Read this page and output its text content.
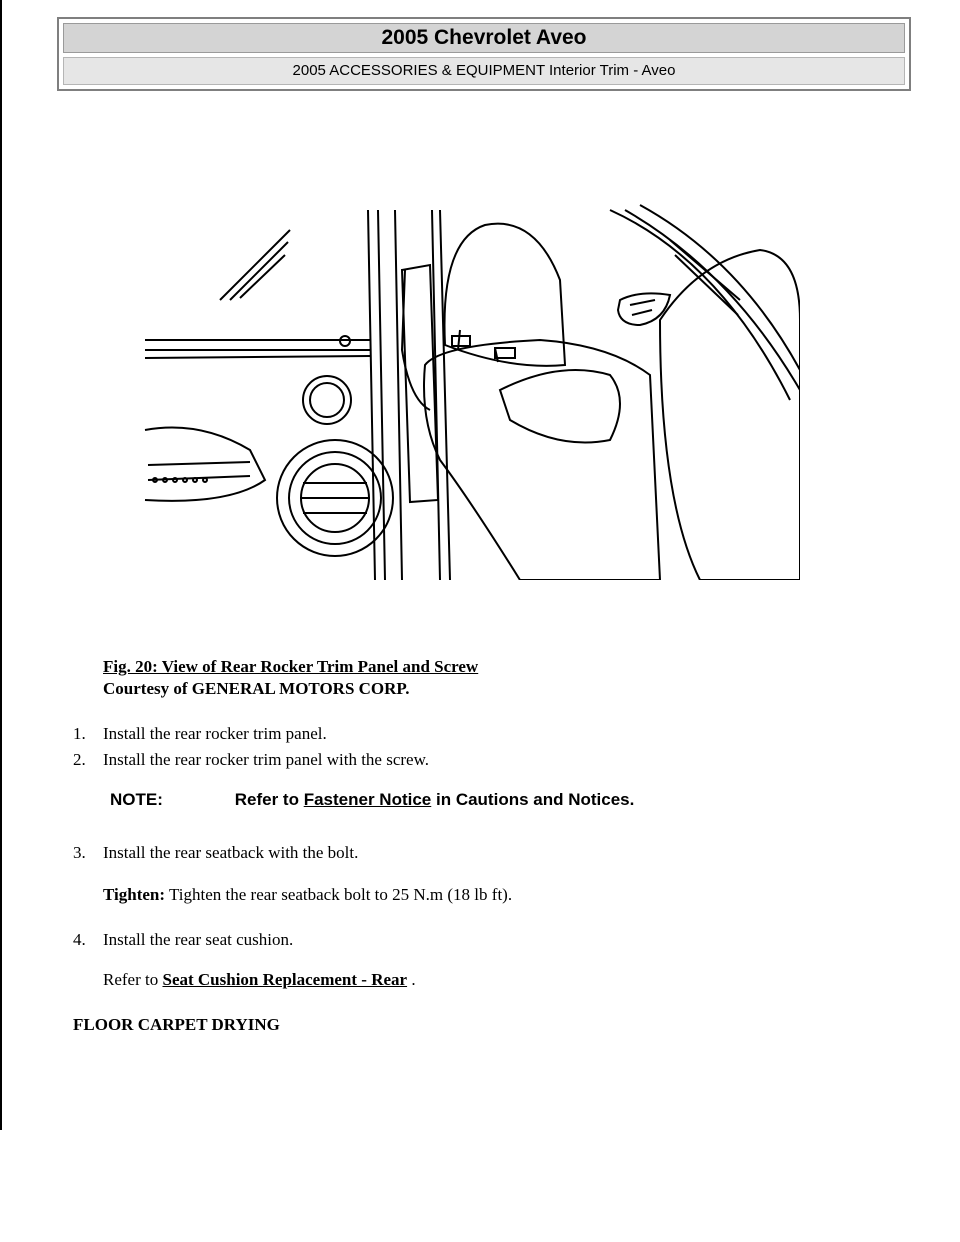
2005 Chevrolet Aveo
2005 ACCESSORIES & EQUIPMENT Interior Trim - Aveo
Fig. 20: View of Rear Rocker Trim Panel and Screw
Courtesy of GENERAL MOTORS CORP.
1. Install the rear rocker trim panel.
2. Install the rear rocker trim panel with the screw.
NOTE:	Refer to Fastener Notice in Cautions and Notices.
3. Install the rear seatback with the bolt.
Tighten: Tighten the rear seatback bolt to 25 N.m (18 lb ft).
4. Install the rear seat cushion.
Refer to Seat Cushion Replacement - Rear .
FLOOR CARPET DRYING
